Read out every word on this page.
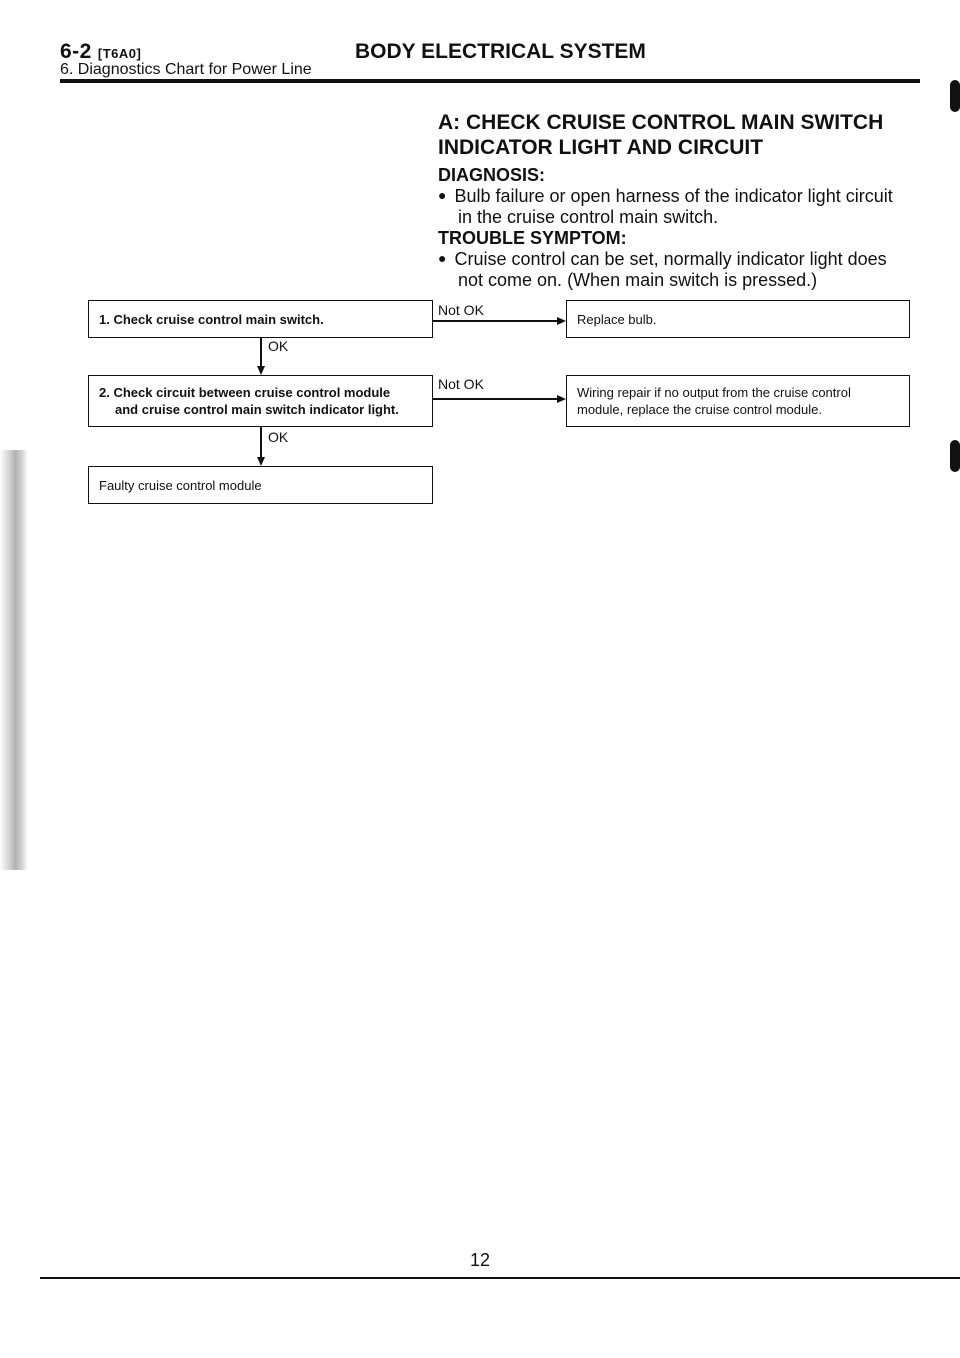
6-2 [T6A0]	BODY ELECTRICAL SYSTEM
6. Diagnostics Chart for Power Line
A: CHECK CRUISE CONTROL MAIN SWITCH
INDICATOR LIGHT AND CIRCUIT
DIAGNOSIS:
● Bulb failure or open harness of the indicator light circuit
in the cruise control main switch.
TROUBLE SYMPTOM:
● Cruise control can be set, normally indicator light does
not come on. (When main switch is pressed.)
1. Check cruise control main switch.
Not OK
Replace bulb.
OK
2. Check circuit between cruise control module
and cruise control main switch indicator light.
Not OK
Wiring repair if no output from the cruise control
module, replace the cruise control module.
OK
Faulty cruise control module
12
